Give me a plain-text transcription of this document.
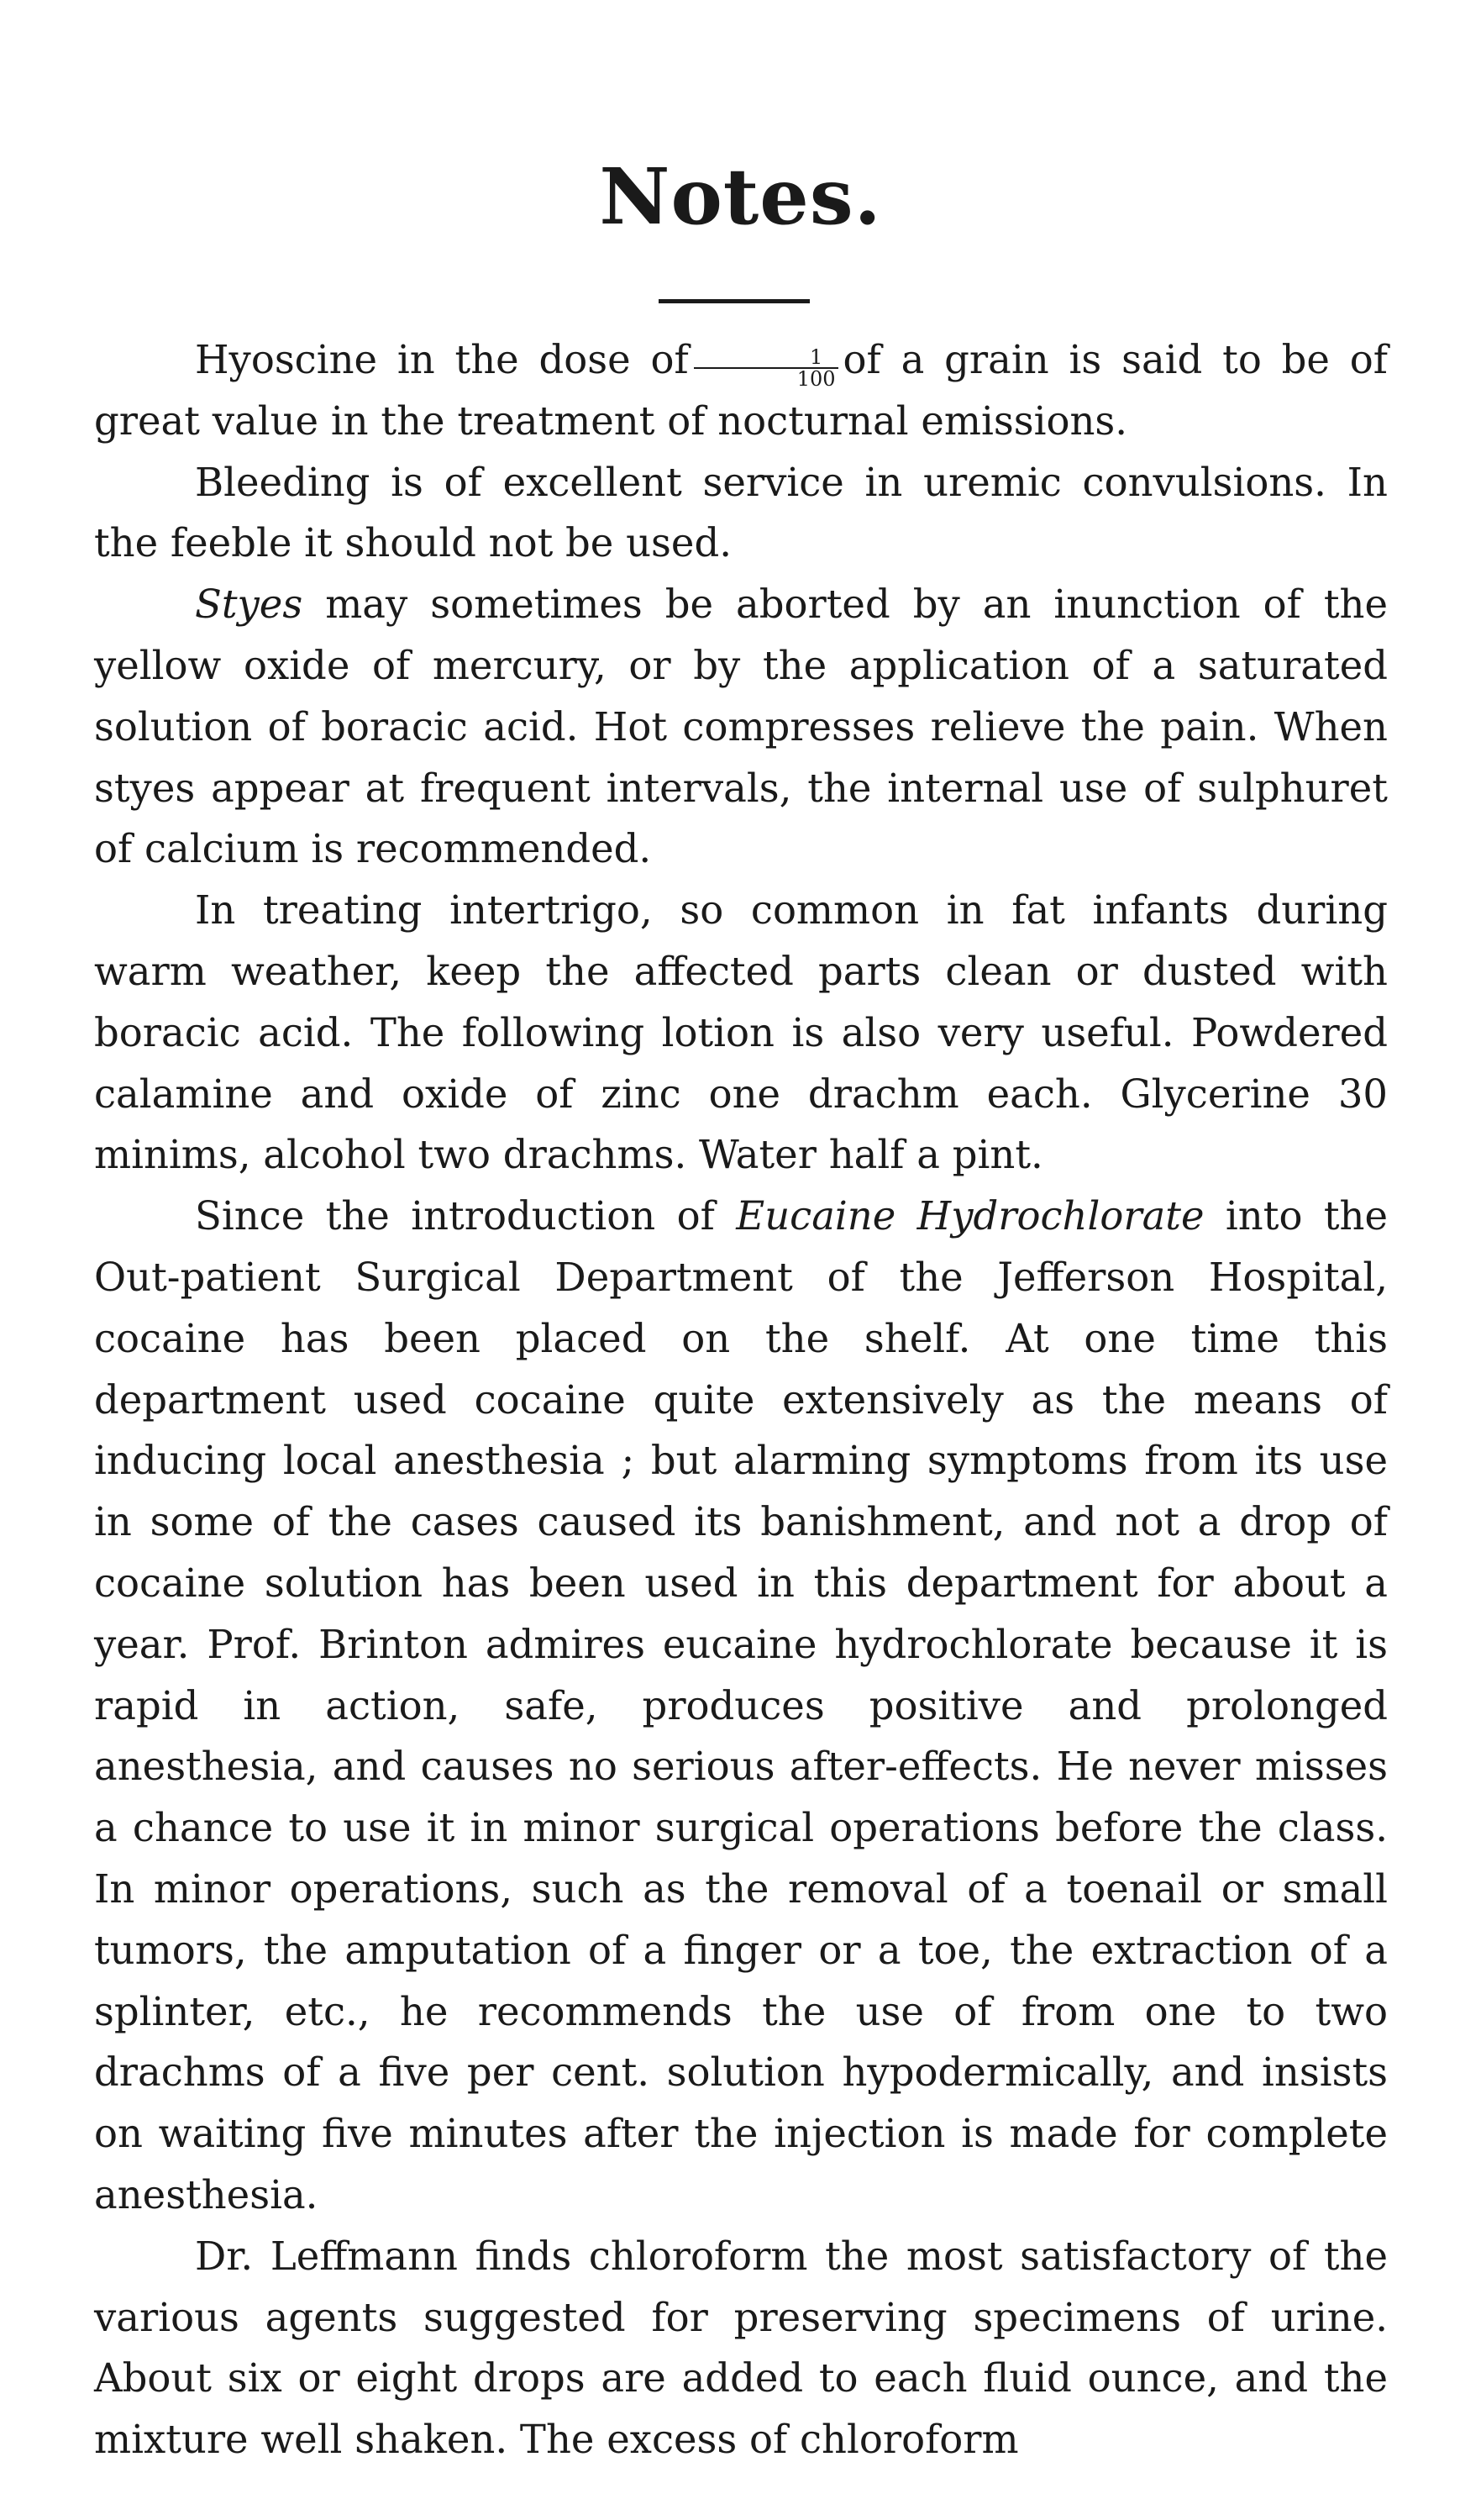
Notes.

Hyoscine in the dose of $\frac{1}{100}$ of a grain is said to be of great value in the treatment of nocturnal emissions.

Bleeding is of excellent service in uremic convulsions. In the feeble it should not be used.

Styes may sometimes be aborted by an inunction of the yellow oxide of mercury, or by the application of a saturated solution of boracic acid. Hot compresses relieve the pain. When styes appear at frequent intervals, the internal use of sulphuret of calcium is recommended.

In treating intertrigo, so common in fat infants during warm weather, keep the affected parts clean or dusted with boracic acid. The following lotion is also very useful. Powdered calamine and oxide of zinc one drachm each. Glycerine 30 minims, alcohol two drachms. Water half a pint.

Since the introduction of Eucaine Hydrochlorate into the Out-patient Surgical Department of the Jefferson Hospital, cocaine has been placed on the shelf. At one time this department used cocaine quite extensively as the means of inducing local anesthesia ; but alarming symptoms from its use in some of the cases caused its banishment, and not a drop of cocaine solution has been used in this department for about a year. Prof. Brinton admires eucaine hydrochlorate because it is rapid in action, safe, produces positive and prolonged anesthesia, and causes no serious after-effects. He never misses a chance to use it in minor surgical operations before the class. In minor operations, such as the removal of a toenail or small tumors, the amputation of a finger or a toe, the extraction of a splinter, etc., he recommends the use of from one to two drachms of a five per cent. solution hypodermically, and insists on waiting five minutes after the injection is made for complete anesthesia.

Dr. Leffmann finds chloroform the most satisfactory of the various agents suggested for preserving specimens of urine. About six or eight drops are added to each fluid ounce, and the mixture well shaken. The excess of chloroform
